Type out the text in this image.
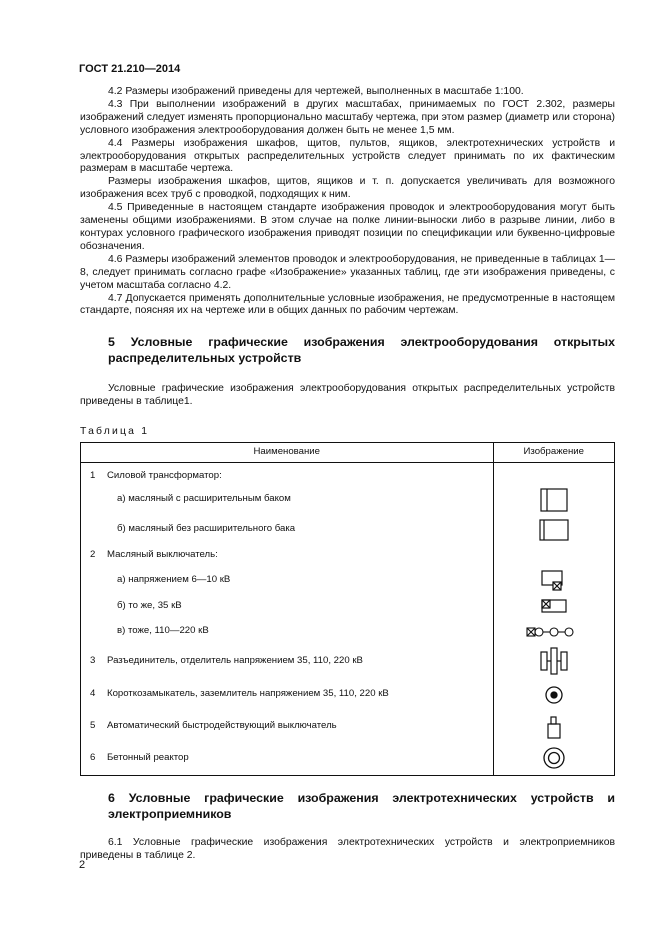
ГОСТ 21.210—2014

4.2 Размеры изображений приведены для чертежей, выполненных в масштабе 1:100.

4.3 При выполнении изображений в других масштабах, принимаемых по ГОСТ 2.302, размеры изображений следует изменять пропорционально масштабу чертежа, при этом размер (диаметр или сторона) условного изображения электрооборудования должен быть не менее 1,5 мм.

4.4 Размеры изображения шкафов, щитов, пультов, ящиков, электротехнических устройств и электрооборудования открытых распределительных устройств следует принимать по их фактическим размерам в масштабе чертежа.

Размеры изображения шкафов, щитов, ящиков и т. п. допускается увеличивать для возможного изображения всех труб с проводкой, подходящих к ним.

4.5 Приведенные в настоящем стандарте изображения проводок и электрооборудования могут быть заменены общими изображениями. В этом случае на полке линии-выноски либо в разрыве линии, либо в контурах условного графического изображения приводят позиции по спецификации или буквенно-цифровые обозначения.

4.6 Размеры изображений элементов проводок и электрооборудования, не приведенные в таблицах 1—8, следует принимать согласно графе «Изображение» указанных таблиц, где эти изображения приведены, с учетом масштаба согласно 4.2.

4.7 Допускается применять дополнительные условные изображения, не предусмотренные в настоящем стандарте, поясняя их на чертеже или в общих данных по рабочим чертежам.

5 Условные графические изображения электрооборудования открытых распределительных устройств

Условные графические изображения электрооборудования открытых распределительных устройств приведены в таблице1.

Таблица 1
Наименование	Изображение

1 Силовой трансформатор:	
а) масляный с расширительным баком	

б) масляный без расширительного бака	

2 Масляный выключатель:	
а) напряжением 6—10 кВ	

б) то же, 35 кВ	

в) тоже, 110—220 кВ	

3 Разъединитель, отделитель напряжением 35, 110, 220 кВ	

4 Короткозамыкатель, заземлитель напряжением 35, 110, 220 кВ	

5 Автоматический быстродействующий выключатель	

6 Бетонный реактор	
6 Условные графические изображения электротехнических устройств и электроприемников

6.1 Условные графические изображения электротехнических устройств и электроприемников приведены в таблице 2.

2
